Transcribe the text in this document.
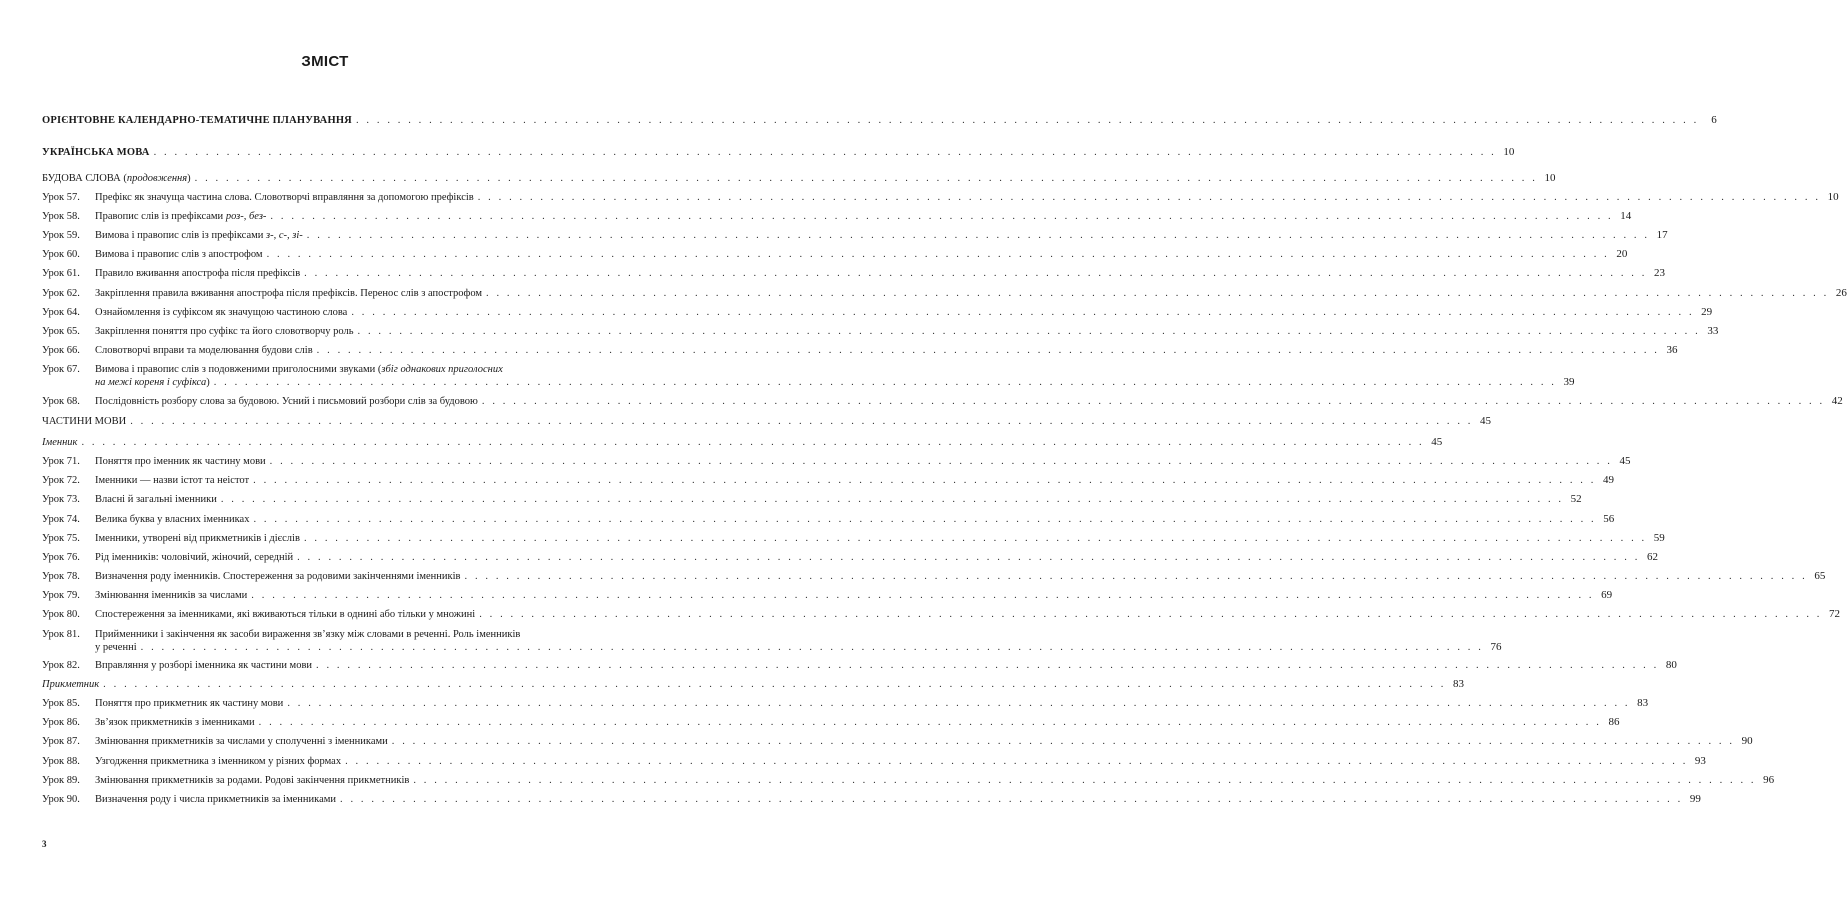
ЗМІСТ
ОРІЄНТОВНЕ КАЛЕНДАРНО-ТЕМАТИЧНЕ ПЛАНУВАННЯ . . .	6
УКРАЇНСЬКА МОВА . . .	10
БУДОВА СЛОВА (продовження) . . .	10
Урок 57.	Префікс як значуща частина слова. Словотворчі вправляння за допомогою префіксів . . .	10
Урок 58.	Правопис слів із префіксами роз-, без- . . .	14
Урок 59.	Вимова і правопис слів із префіксами з-, с-, зі- . . .	17
Урок 60.	Вимова і правопис слів з апострофом . . .	20
Урок 61.	Правило вживання апострофа після префіксів . . .	23
Урок 62.	Закріплення правила вживання апострофа після префіксів. Перенос слів з апострофом . . .	26
Урок 64.	Ознайомлення із суфіксом як значущою частиною слова . . .	29
Урок 65.	Закріплення поняття про суфікс та його словотворчу роль . . .	33
Урок 66.	Словотворчі вправи та моделювання будови слів . . .	36
Урок 67.	Вимова і правопис слів з подовженими приголосними звуками (збіг однакових приголосних
на межі кореня і суфікса) . . .	39
Урок 68.	Послідовність розбору слова за будовою. Усний і письмовий розбори слів за будовою . . .	42
ЧАСТИНИ МОВИ . . .	45
Іменник . . .	45
Урок 71.	Поняття про іменник як частину мови . . .	45
Урок 72.	Іменники — назви істот та неістот . . .	49
Урок 73.	Власні й загальні іменники . . .	52
Урок 74.	Велика буква у власних іменниках . . .	56
Урок 75.	Іменники, утворені від прикметників і дієслів . . .	59
Урок 76.	Рід іменників: чоловічий, жіночий, середній . . .	62
Урок 78.	Визначення роду іменників. Спостереження за родовими закінченнями іменників . . .	65
Урок 79.	Змінювання іменників за числами . . .	69
Урок 80.	Спостереження за іменниками, які вживаються тільки в однині або тільки у множині . . .	72
Урок 81.	Прийменники і закінчення як засоби вираження зв’язку між словами в реченні. Роль іменників
у реченні . . .	76
Урок 82.	Вправляння у розборі іменника як частини мови . . .	80
Прикметник . . .	83
Урок 85.	Поняття про прикметник як частину мови . . .	83
Урок 86.	Зв’язок прикметників з іменниками . . .	86
Урок 87.	Змінювання прикметників за числами у сполученні з іменниками . . .	90
Урок 88.	Узгодження прикметника з іменником у різних формах . . .	93
Урок 89.	Змінювання прикметників за родами. Родові закінчення прикметників . . .	96
Урок 90.	Визначення роду і числа прикметників за іменниками . . .	99
3
